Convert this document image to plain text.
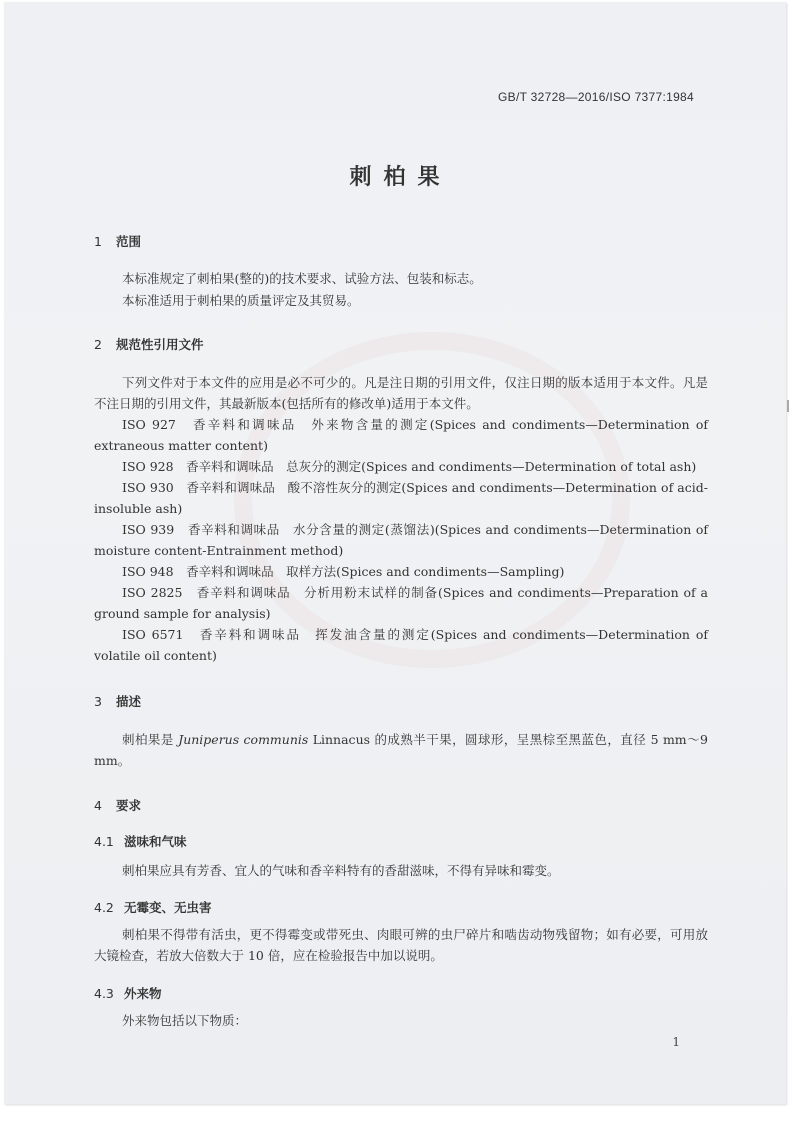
GB/T 32728—2016/ISO 7377:1984
刺柏果
1 范围
本标准规定了刺柏果(整的)的技术要求、试验方法、包装和标志。
本标准适用于刺柏果的质量评定及其贸易。
2 规范性引用文件
下列文件对于本文件的应用是必不可少的。凡是注日期的引用文件，仅注日期的版本适用于本文件。凡是不注日期的引用文件，其最新版本(包括所有的修改单)适用于本文件。
ISO 927　香辛料和调味品　外来物含量的测定(Spices and condiments—Determination of extraneous matter content)
ISO 928　香辛料和调味品　总灰分的测定(Spices and condiments—Determination of total ash)
ISO 930　香辛料和调味品　酸不溶性灰分的测定(Spices and condiments—Determination of acid-insoluble ash)
ISO 939　香辛料和调味品　水分含量的测定(蒸馏法)(Spices and condiments—Determination of moisture content-Entrainment method)
ISO 948　香辛料和调味品　取样方法(Spices and condiments—Sampling)
ISO 2825　香辛料和调味品　分析用粉末试样的制备(Spices and condiments—Preparation of a ground sample for analysis)
ISO 6571　香辛料和调味品　挥发油含量的测定(Spices and condiments—Determination of volatile oil content)
3 描述
刺柏果是 Juniperus communis Linnacus 的成熟半干果，圆球形，呈黑棕至黑蓝色，直径 5 mm～9 mm。
4 要求
4.1 滋味和气味
刺柏果应具有芳香、宜人的气味和香辛料特有的香甜滋味，不得有异味和霉变。
4.2 无霉变、无虫害
刺柏果不得带有活虫，更不得霉变或带死虫、肉眼可辨的虫尸碎片和啮齿动物残留物；如有必要，可用放大镜检查，若放大倍数大于 10 倍，应在检验报告中加以说明。
4.3 外来物
外来物包括以下物质：
1
